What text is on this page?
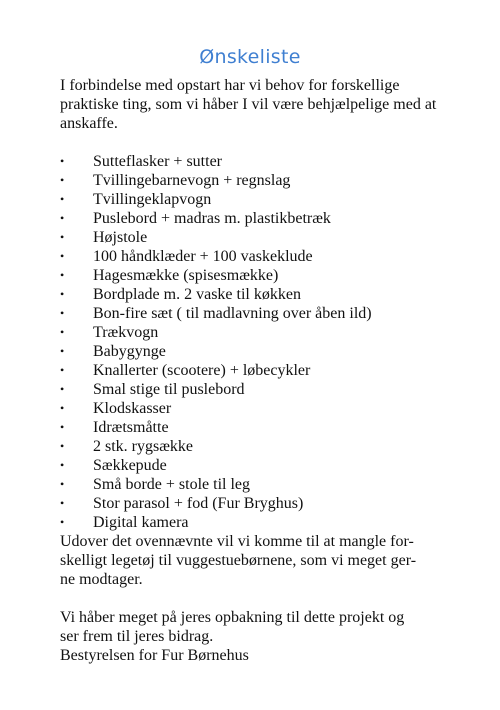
Ønskeliste

I forbindelse med opstart har vi behov for forskellige praktiske ting, som vi håber I vil være behjælpelige med at anskaffe.

• Sutteflasker + sutter
• Tvillingebarnevogn + regnslag
• Tvillingeklapvogn
• Puslebord + madras m. plastikbetræk
• Højstole
• 100 håndklæder + 100 vaskeklude
• Hagesmække (spisesmække)
• Bordplade m. 2 vaske til køkken
• Bon-fire sæt ( til madlavning over åben ild)
• Trækvogn
• Babygynge
• Knallerter (scootere) + løbecykler
• Smal stige til puslebord
• Klodskasser
• Idrætsmåtte
• 2 stk. rygsække
• Sækkepude
• Små borde + stole til leg
• Stor parasol + fod (Fur Bryghus)
• Digital kamera
Udover det ovennævnte vil vi komme til at mangle for-
skelligt legetøj til vuggestuebørnene, som vi meget ger-
ne modtager.
Vi håber meget på jeres opbakning til dette projekt og
ser frem til jeres bidrag.
Bestyrelsen for Fur Børnehus
